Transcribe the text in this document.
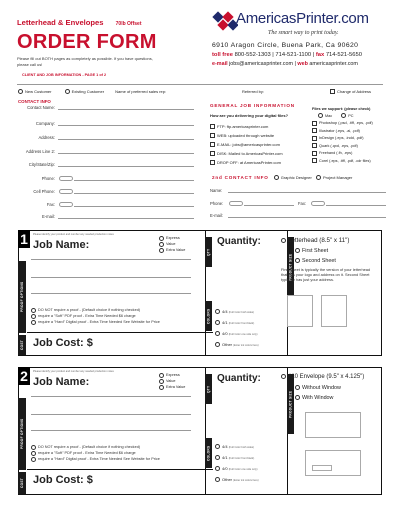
Letterhead & Envelopes 70lb Offset
ORDER FORM
Please fill out BOTH pages as completely as possible. If you have questions, please call us!
CLIENT AND JOB INFORMATION - PAGE 1 of 2
AmericasPrinter.com
The smart way to print today.
6910 Aragon Circle, Buena Park, Ca 90620
toll free 800-552-1303 | 714-521-1100 | fax 714-521-5650
e-mail jobs@americasprinter.com | web americasprinter.com
New Customer	Existing Customer	Name of preferred sales rep:	Referred by:	Change of Address
CONTACT INFO
Contact Name:
Company:
Address:
Address Line 2:
City/State/Zip:
Phone:
Cell Phone:
Fax:
E-mail:
GENERAL JOB INFORMATION
How are you delivering your digital files?
FTP: ftp.americasprinter.com
WEB: uploaded through website
E-MAIL: jobs@americasprinter.com
DISK: Mailed to AmericasPrinter.com
DROP OFF: at AmericasPrinter.com
Files we support: (please check)
Mac	PC
Photoshop (.psd, .tiff, .eps, .pdf)
Illustrator (.eps, .ai, .pdf)
InDesign (.eps, .indd, .pdf)
Quark (.qxd, .eps, .pdf)
Freehand (.fh, .eps)
Corel (.eps, .tiff, .pdf, .cdr files)
2nd CONTACT INFO	Graphic Designer	Project Manager
Name:
Phone:	Fax:
E-mail:
1
PROOF OPTIONS
COST
Please identify your product and number any needed production notes
Job Name:
Express
Value
Extra Value
DO NOT require a proof - (Default choice if nothing checked)
require a "Soft" PDF proof - Extra Time Needed $6 charge
require a "Hard" Digital proof - Extra Time Needed See Website for Price
Job Cost: $
QTY
COLORS
Quantity:
4/4 (Full Color both sides)
4/1 (Full Color front black)
4/0 (Full Color one side only)
Other (Enter ink colors here)
PRODUCT SIZE
Letterhead (8.5" x 11")
First Sheet
Second Sheet
First Sheet is typically the version of your letterhead that has your logo and address on it. Second Sheet typically has just your address.
2
PROOF OPTIONS
COST
Please identify your product and number any needed production notes
Job Name:
Express
Value
Extra Value
DO NOT require a proof - (Default choice if nothing checked)
require a "Soft" PDF proof - Extra Time Needed $6 charge
require a "Hard" Digital proof - Extra Time Needed See Website for Price
Job Cost: $
QTY
COLORS
Quantity:
4/4 (Full Color both sides)
4/1 (Full Color front black)
4/0 (Full Color one side only)
Other (Enter ink colors here)
PRODUCT SIZE
#10 Envelope (9.5" x 4.125")
Without Window
With Window
